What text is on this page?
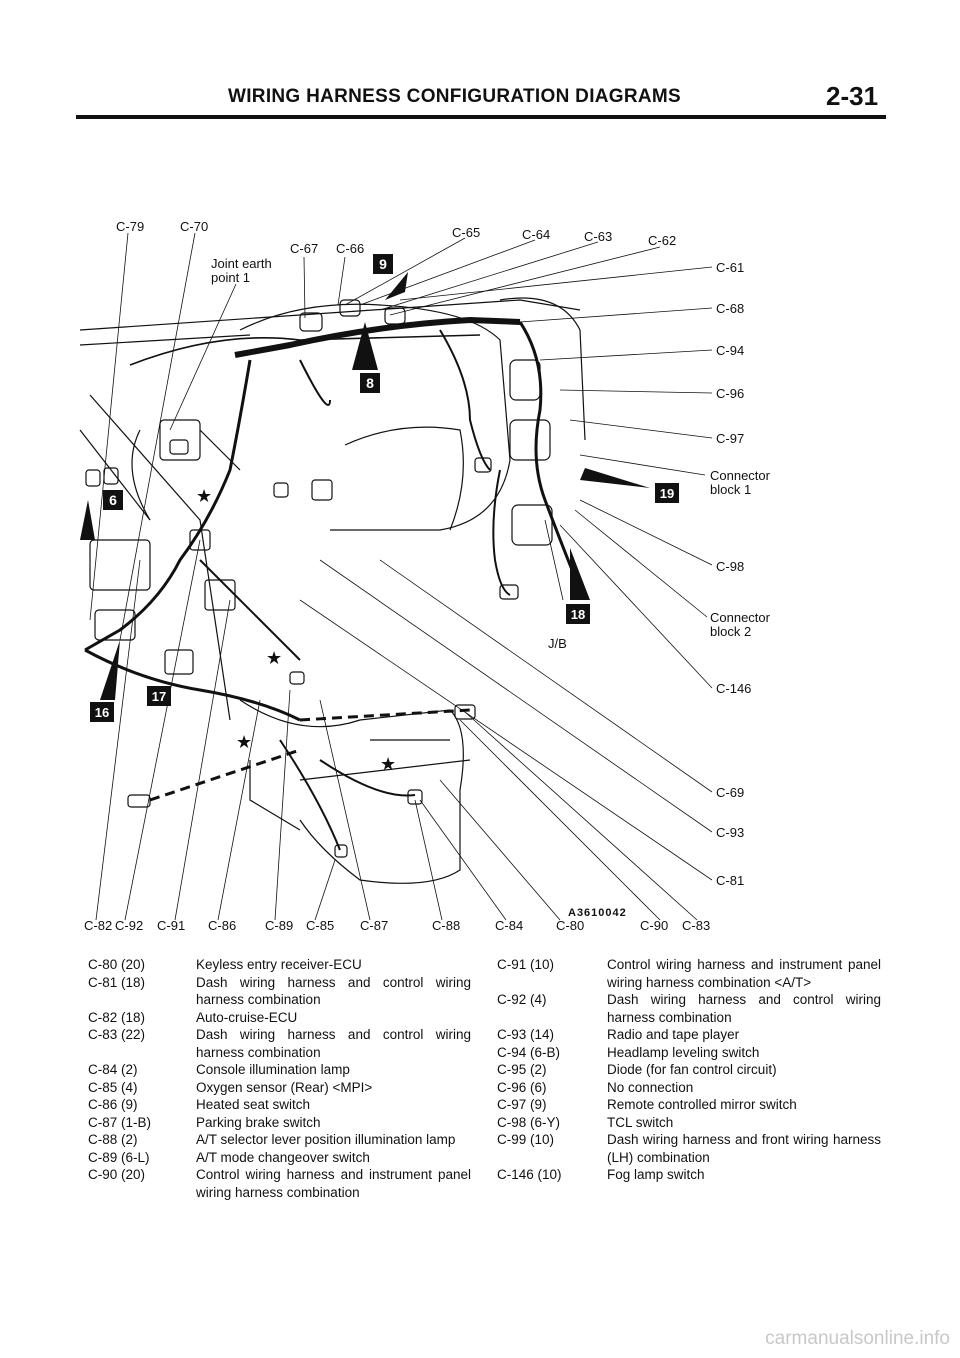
WIRING HARNESS CONFIGURATION DIAGRAMS	2-31
9
8
6	19
18
17
16
★
★
★
★
C-79	C-70
C-67 C-66
C-65	C-64	C-63	C-62
Joint earth
point 1
C-61
C-68
C-94
C-96
C-97
Connector
block 1
C-98
Connector
block 2
J/B
C-146
C-69
C-93
C-81
A3610042
C-82 C-92 C-91 C-86 C-89 C-85 C-87	C-88	C-84	C-80	C-90 C-83
C-80 (20)	Keyless entry receiver-ECU
C-81 (18)	Dash wiring harness and control wiring harness combination
C-82 (18)	Auto-cruise-ECU
C-83 (22)	Dash wiring harness and control wiring harness combination
C-84 (2)	Console illumination lamp
C-85 (4)	Oxygen sensor (Rear) <MPI>
C-86 (9)	Heated seat switch
C-87 (1-B)	Parking brake switch
C-88 (2)	A/T selector lever position illumination lamp
C-89 (6-L)	A/T mode changeover switch
C-90 (20)	Control wiring harness and instrument panel wiring harness combination
C-91 (10)	Control wiring harness and instrument panel wiring harness combination <A/T>
C-92 (4)	Dash wiring harness and control wiring harness combination
C-93 (14)	Radio and tape player
C-94 (6-B)	Headlamp leveling switch
C-95 (2)	Diode (for fan control circuit)
C-96 (6)	No connection
C-97 (9)	Remote controlled mirror switch
C-98 (6-Y)	TCL switch
C-99 (10)	Dash wiring harness and front wiring harness (LH) combination
C-146 (10)	Fog lamp switch
carmanualsonline.info
